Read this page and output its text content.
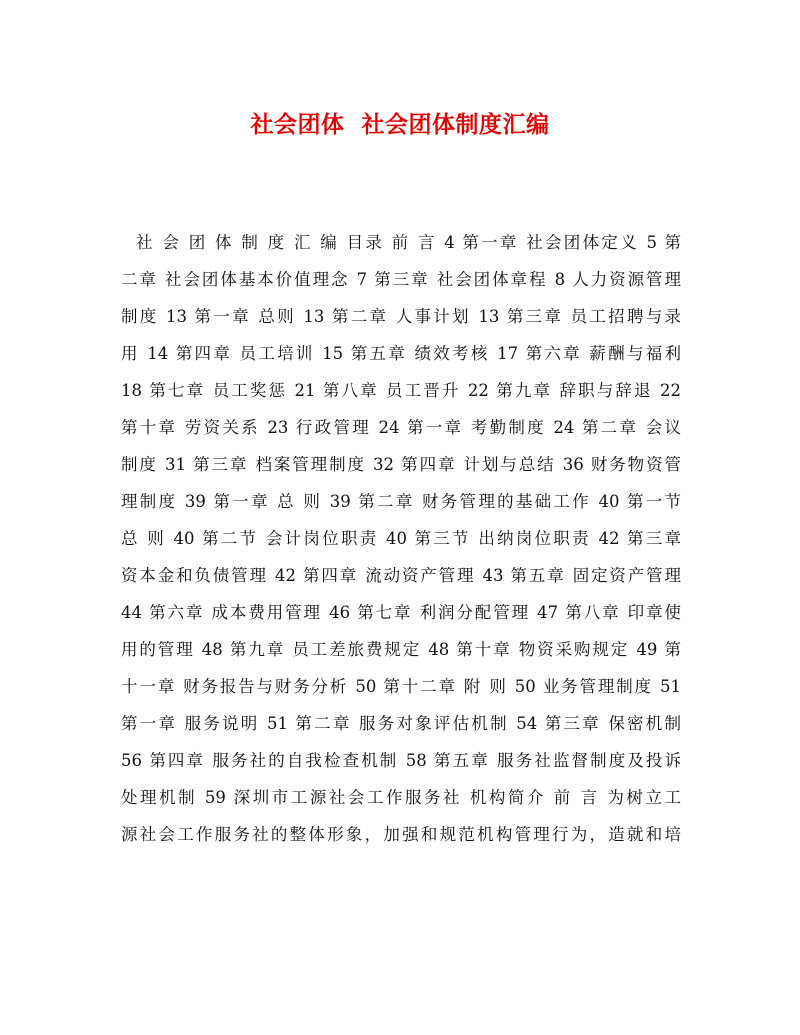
社会团体  社会团体制度汇编
社 会 团 体 制 度 汇 编 目录 前 言 4 第一章 社会团体定义 5 第
二章 社会团体基本价值理念 7 第三章 社会团体章程 8 人力资源管理
制度 13 第一章 总则 13 第二章 人事计划 13 第三章 员工招聘与录
用 14 第四章 员工培训 15 第五章 绩效考核 17 第六章 薪酬与福利
18 第七章 员工奖惩 21 第八章 员工晋升 22 第九章 辞职与辞退 22
第十章 劳资关系 23 行政管理 24 第一章 考勤制度 24 第二章 会议
制度 31 第三章 档案管理制度 32 第四章 计划与总结 36 财务物资管
理制度 39 第一章 总 则 39 第二章 财务管理的基础工作 40 第一节
总 则 40 第二节 会计岗位职责 40 第三节 出纳岗位职责 42 第三章
资本金和负债管理 42 第四章 流动资产管理 43 第五章 固定资产管理
44 第六章 成本费用管理 46 第七章 利润分配管理 47 第八章 印章使
用的管理 48 第九章 员工差旅费规定 48 第十章 物资采购规定 49 第
十一章 财务报告与财务分析 50 第十二章 附 则 50 业务管理制度 51
第一章 服务说明 51 第二章 服务对象评估机制 54 第三章 保密机制
56 第四章 服务社的自我检查机制 58 第五章 服务社监督制度及投诉
处理机制 59 深圳市工源社会工作服务社 机构简介 前 言 为树立工
源社会工作服务社的整体形象，加强和规范机构管理行为，造就和培
